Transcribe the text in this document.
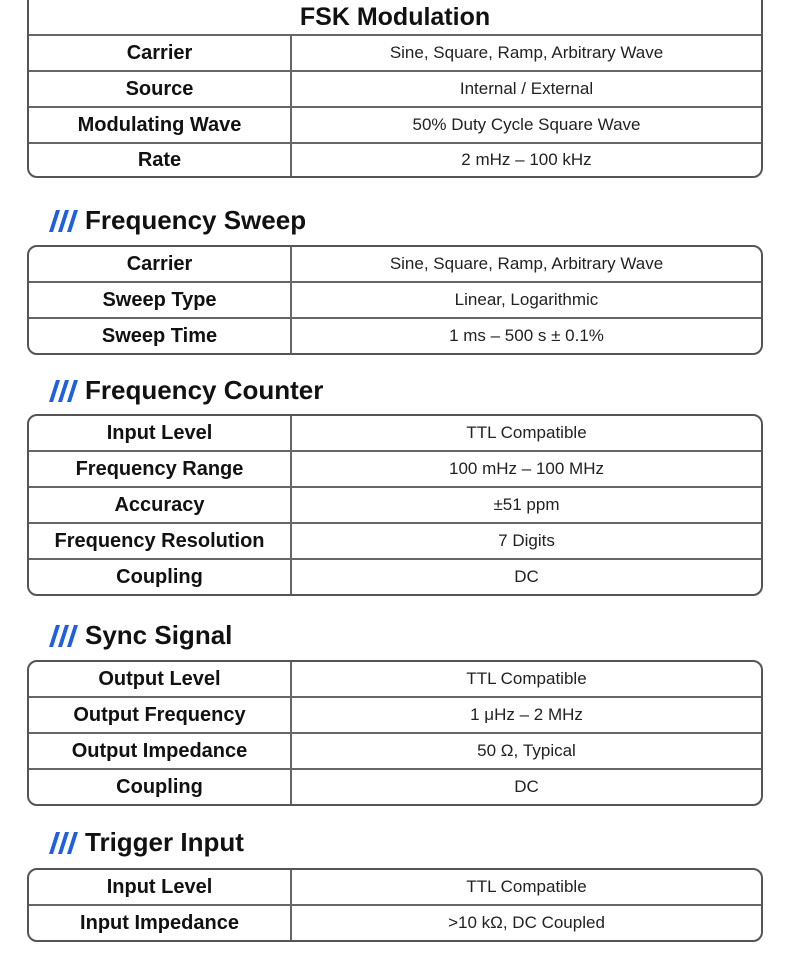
FSK Modulation
Carrier	Sine, Square, Ramp, Arbitrary Wave
Source	Internal / External
Modulating Wave	50% Duty Cycle Square Wave
Rate	2 mHz – 100 kHz
Frequency Sweep
Carrier	Sine, Square, Ramp, Arbitrary Wave
Sweep Type	Linear, Logarithmic
Sweep Time	1 ms – 500 s ± 0.1%
Frequency Counter
Input Level	TTL Compatible
Frequency Range	100 mHz – 100 MHz
Accuracy	±51 ppm
Frequency Resolution	7 Digits
Coupling	DC
Sync Signal
Output Level	TTL Compatible
Output Frequency	1 μHz – 2 MHz
Output Impedance	50 Ω, Typical
Coupling	DC
Trigger Input
Input Level	TTL Compatible
Input Impedance	>10 kΩ, DC Coupled
